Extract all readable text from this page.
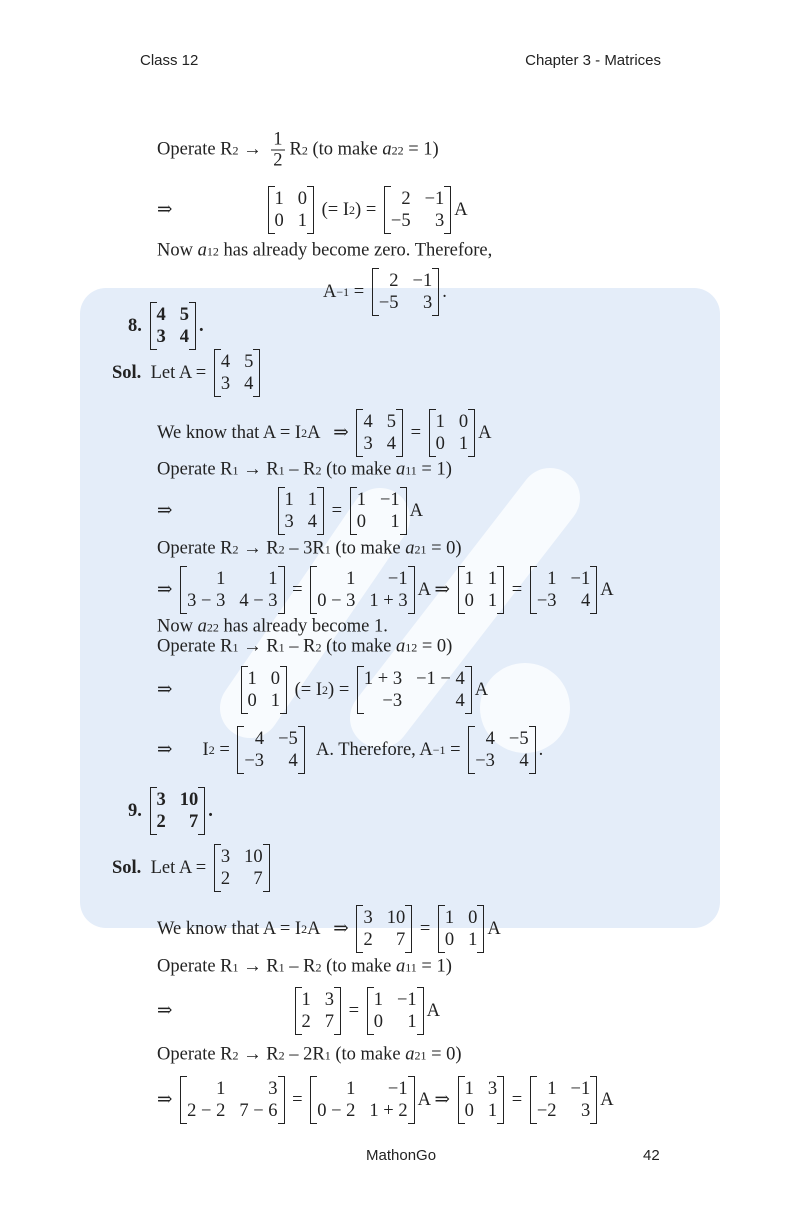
Class 12	Chapter 3 - Matrices
Operate R $2 \to \frac{1}{2}$ R 2 (to make a 22 = 1)
⇒
1 0
0 1
(= I 2 ) =
2 −1
−5	3
A
Now a 12 has already become zero. Therefore,
A −1 =
2 −1
−5	3
.
8.

4 5
3 4
.
Sol. Let A =
4 5
3 4
We know that A = I 2 A   ⇒
4 5
3 4
=
1 0
0 1
A
Operate R 1 → R 1 – R 2 (to make a 11 = 1)
⇒
1 1
3 4
=
1 −1
0	1
A
Operate R 2 → R 2 – 3R 1 (to make a 21 = 0)
⇒
1	1
3 − 3 4 − 3
=
1	−1
0 − 3 1 + 3
A ⇒
1 1
0 1
=
1 −1
−3	4
A
Now a 22 has already become 1.
Operate R 1 → R 1 – R 2 (to make a 12 = 0)
⇒
1 0
0 1
(= I 2 ) =
1 + 3 −1 − 4
−3	4
A
⇒ I 2 =
4 −5
−3	4
A. Therefore, A −1 =
4 −5
−3	4
.
9.

3 10
2	7
.
Sol. Let A =
3 10
2	7
We know that A = I 2 A   ⇒
3 10
2	7
=
1 0
0 1
A
Operate R 1 → R 1 – R 2 (to make a 11 = 1)
⇒
1 3
2 7
=
1 −1
0	1
A
Operate R 2 → R 2 – 2R 1 (to make a 21 = 0)
⇒
1	3
2 − 2 7 − 6
=
1	−1
0 − 2 1 + 2
A ⇒
1 3
0 1
=
1 −1
−2	3
A
MathonGo	42
